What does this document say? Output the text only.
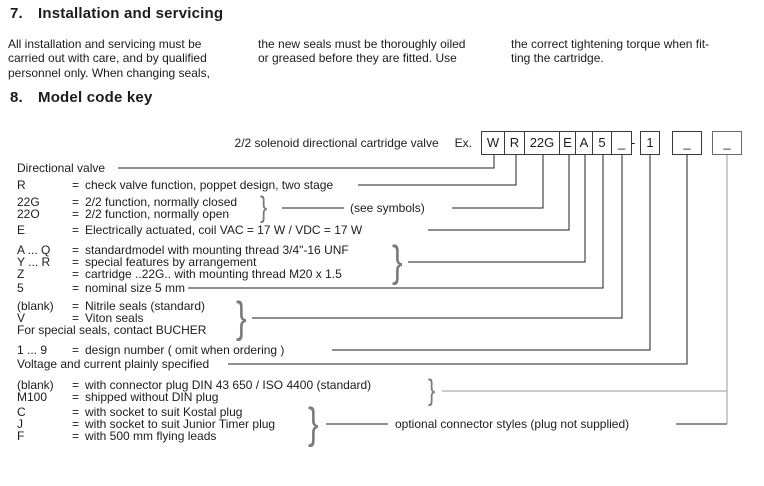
7. Installation and servicing
All installation and servicing must be
carried out with care, and by qualified
personnel only. When changing seals,
the new seals must be thoroughly oiled
or greased before they are fitted. Use
the correct tightening torque when fit-
ting the cartridge.
8. Model code key
2/2 solenoid directional cartridge valve Ex.	W R 22G E A 5 _ - 1	_	_
Directional valve
R	= check valve function, poppet design, two stage
22G	= 2/2 function, normally closed
22O	= 2/2 function, normally open
E	= Electrically actuated, coil VAC = 17 W / VDC = 17 W
A ... Q = standardmodel with mounting thread 3/4"-16 UNF
Y ... R = special features by arrangement
Z	= cartridge ..22G.. with mounting thread M20 x 1.5
5	= nominal size 5 mm
(blank) = Nitrile seals (standard)
V	= Viton seals
For special seals, contact BUCHER
1 ... 9 = design number ( omit when ordering )
Voltage and current plainly specified
(blank) = with connector plug DIN 43 650 / ISO 4400 (standard)
M100 = shipped without DIN plug
C	= with socket to suit Kostal plug
J	= with socket to suit Junior Timer plug
F	= with 500 mm flying leads
}
}
}
}
}
(see symbols)
optional connector styles (plug not supplied)
